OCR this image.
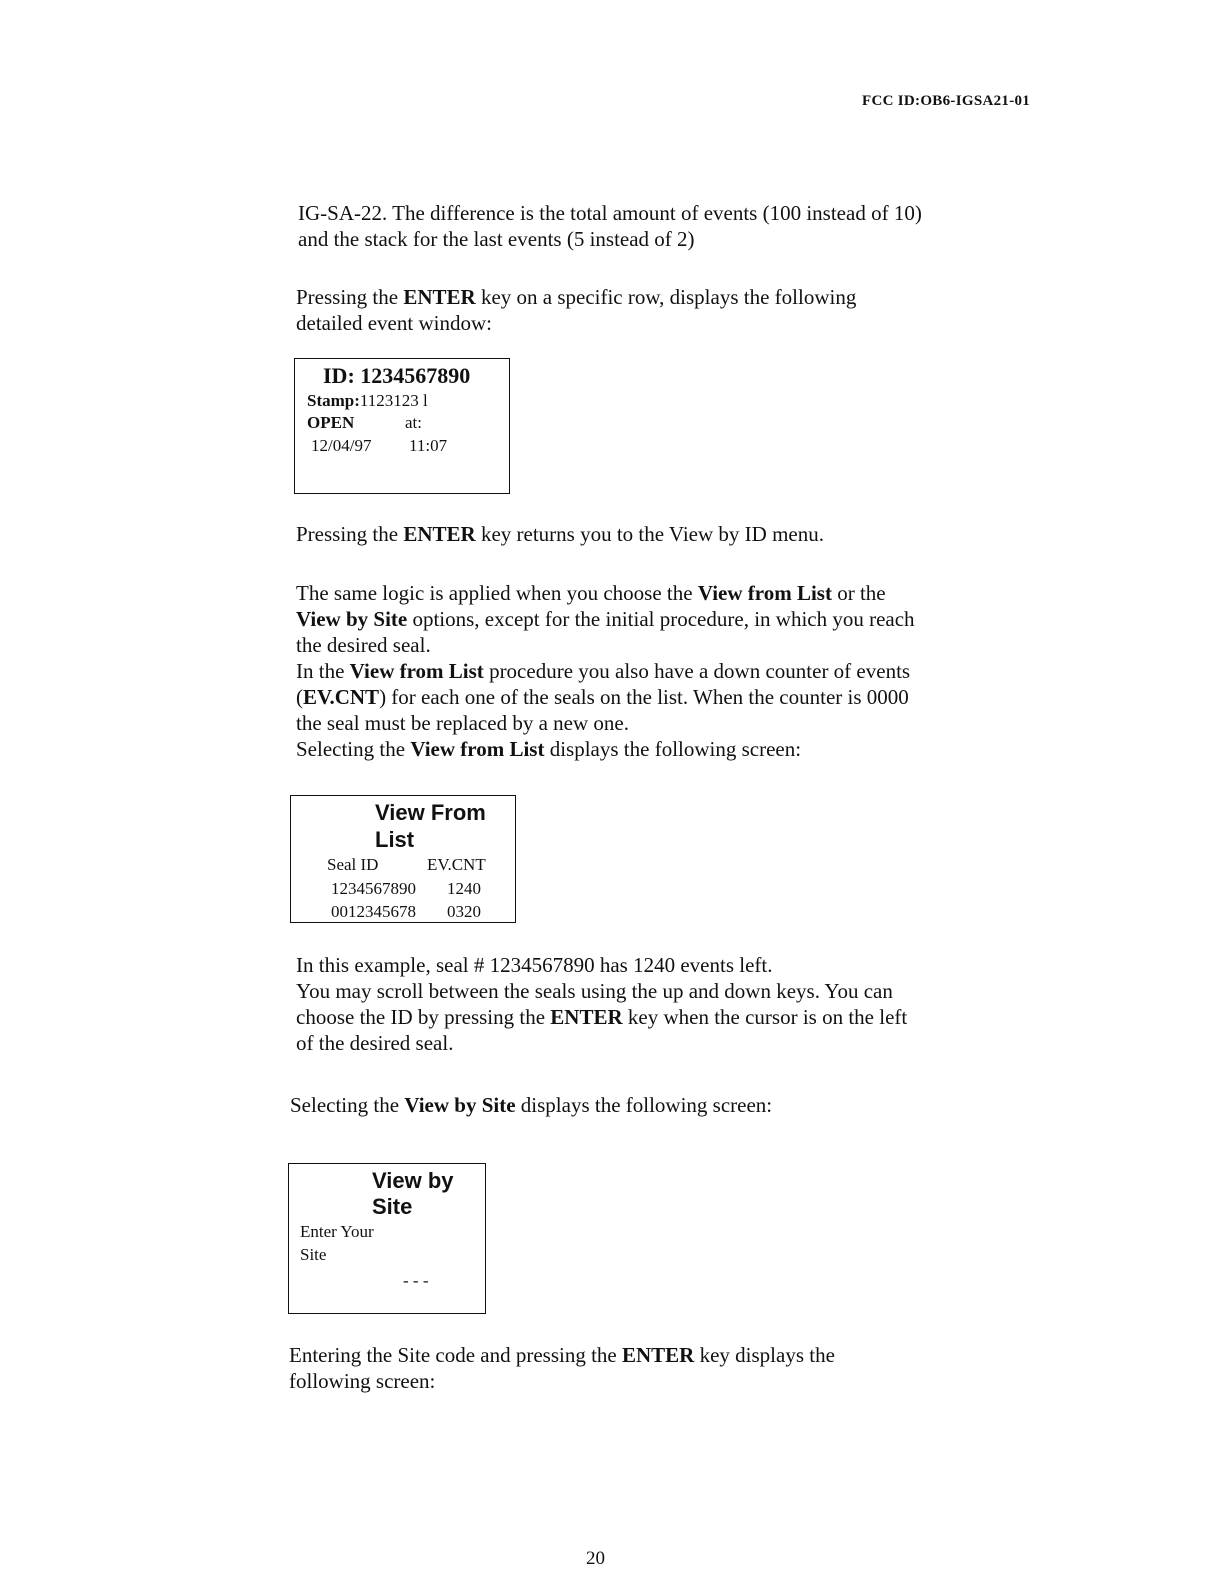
FCC ID:OB6-IGSA21-01
IG-SA-22. The difference is the total amount of events (100 instead of 10)
and the stack for the last events (5 instead of 2)
Pressing the ENTER key on a specific row, displays the following
detailed event window:
ID: 1234567890
Stamp:1123123 l
OPEN	at:
12/04/97 11:07
Pressing the ENTER key returns you to the View by ID menu.
The same logic is applied when you choose the View from List or the
View by Site options, except for the initial procedure, in which you reach
the desired seal.
In the View from List procedure you also have a down counter of events
(EV.CNT) for each one of the seals on the list. When the counter is 0000
the seal must be replaced by a new one.
Selecting the View from List displays the following screen:
View From
List
Seal ID	EV.CNT
1234567890 1240
0012345678 0320
In this example, seal # 1234567890 has 1240 events left.
You may scroll between the seals using the up and down keys. You can
choose the ID by pressing the ENTER key when the cursor is on the left
of the desired seal.
Selecting the View by Site displays the following screen:
View by
Site
Enter Your
Site
- - -
Entering the Site code and pressing the ENTER key displays the
following screen:
20
